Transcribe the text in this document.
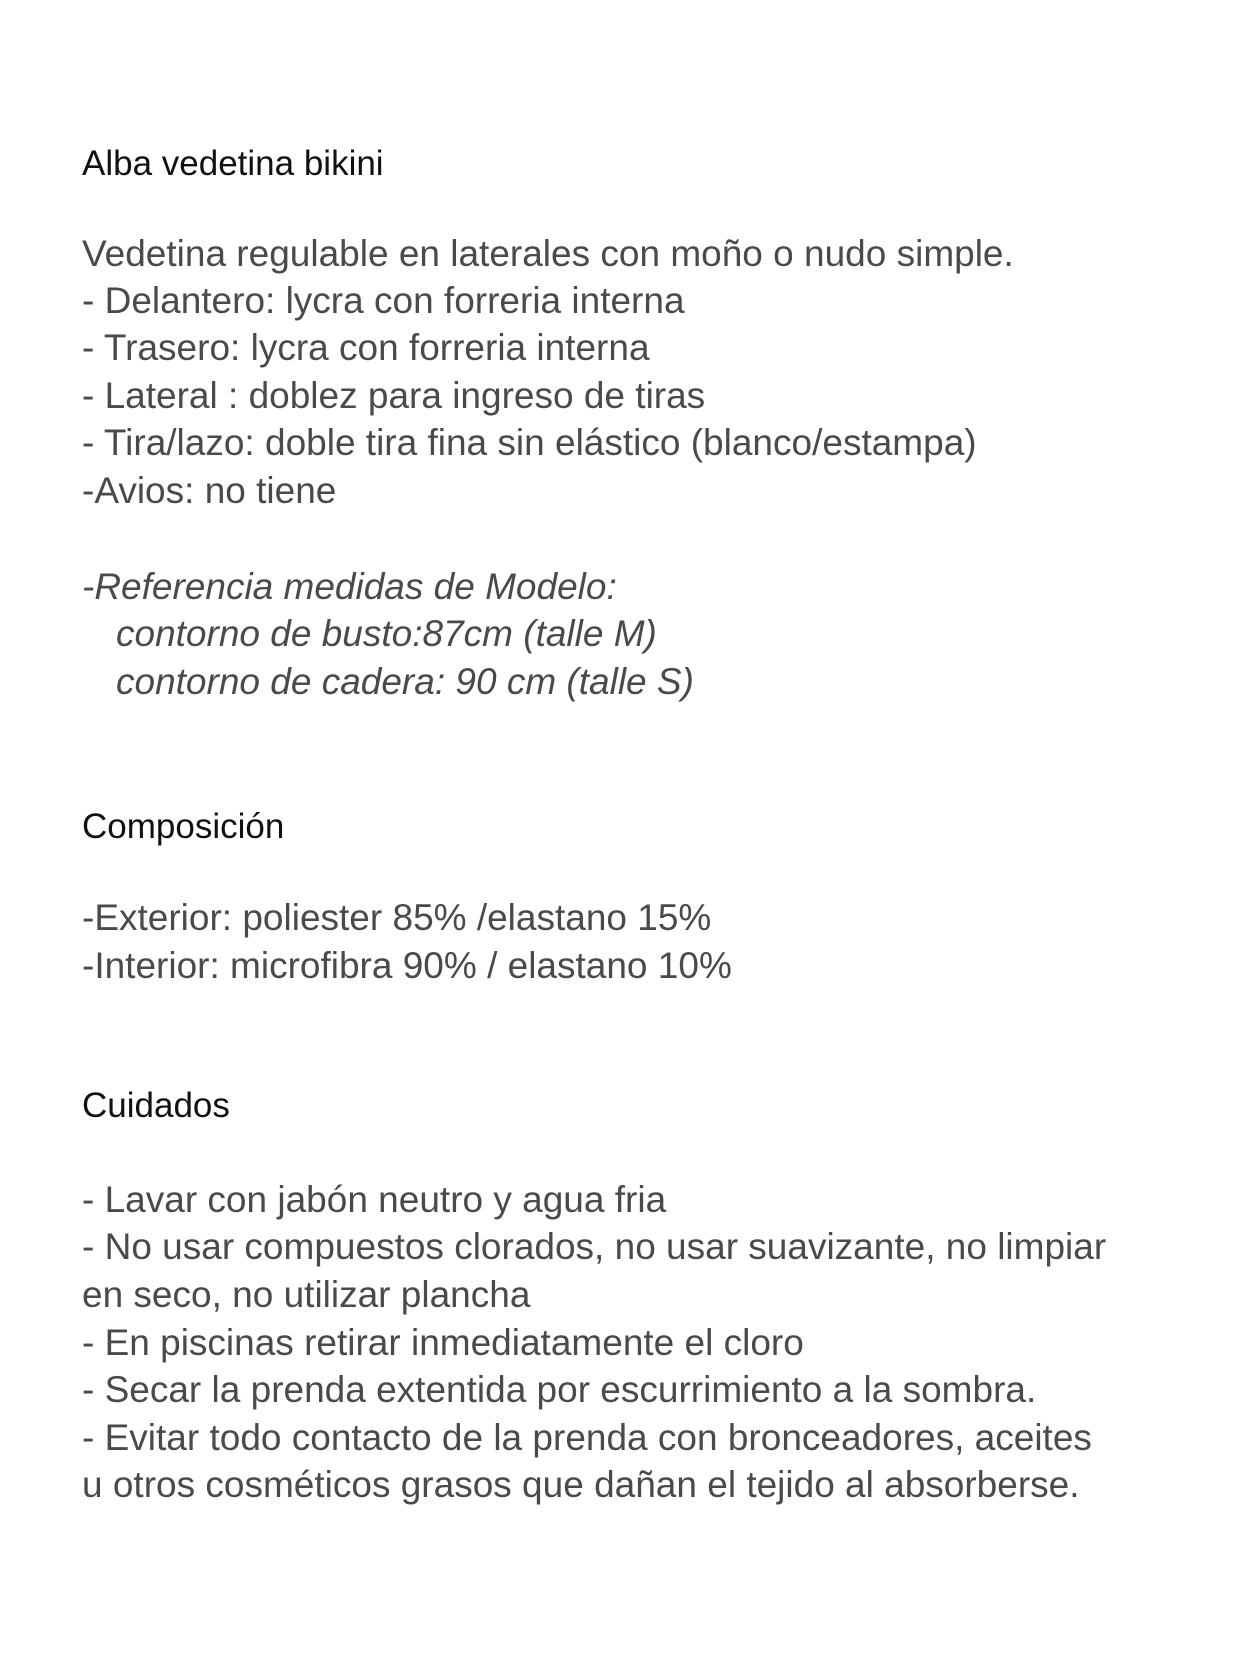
Alba vedetina bikini
Vedetina regulable en laterales con moño o nudo simple.
- Delantero: lycra con forreria interna
- Trasero: lycra con forreria interna
- Lateral : doblez para ingreso de tiras
- Tira/lazo: doble tira fina sin elástico (blanco/estampa)
-Avios: no tiene
-Referencia medidas de Modelo:
contorno de busto:87cm (talle M)
contorno de cadera: 90 cm (talle S)
Composición
-Exterior: poliester 85% /elastano 15%
-Interior: microfibra 90% / elastano 10%
Cuidados
- Lavar con jabón neutro y agua fria
- No usar compuestos clorados, no usar suavizante, no limpiar
en seco, no utilizar plancha
- En piscinas retirar inmediatamente el cloro
- Secar la prenda extentida por escurrimiento a la sombra.
- Evitar todo contacto de la prenda con bronceadores, aceites
u otros cosméticos grasos que dañan el tejido al absorberse.
